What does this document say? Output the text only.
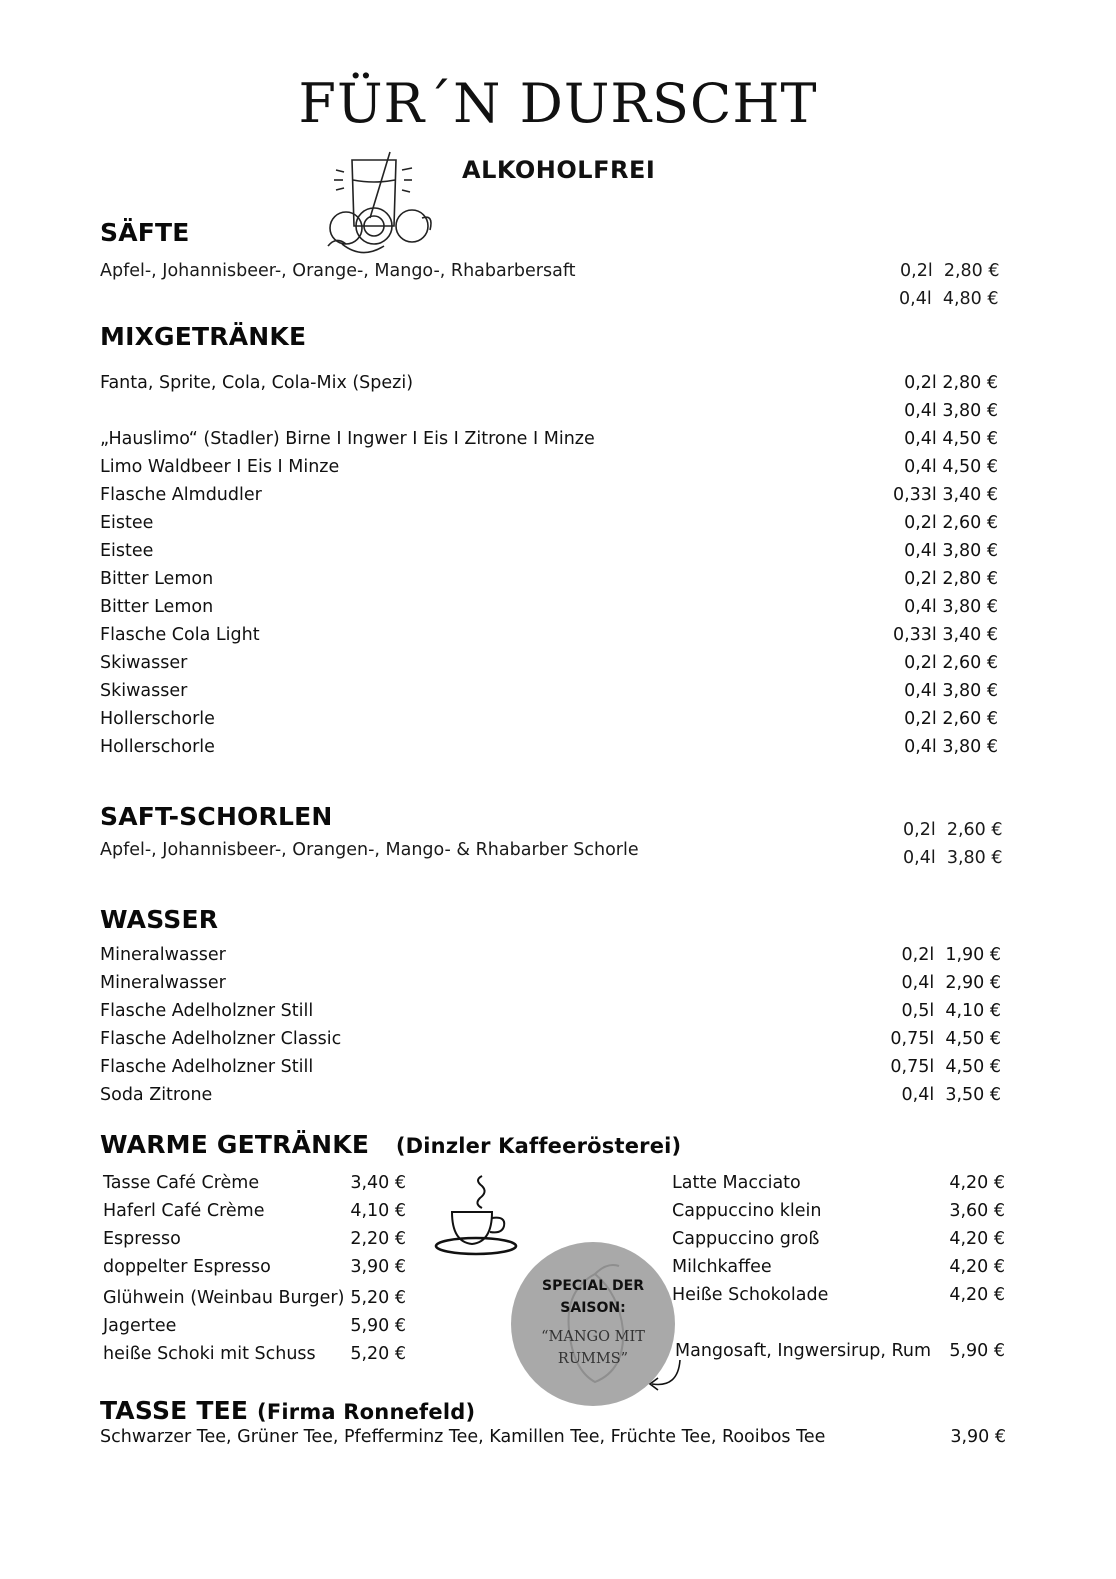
FÜR´N DURSCHT
ALKOHOLFREI
SÄFTE
Apfel-, Johannisbeer-, Orange-, Mango-, Rhabarbersaft	0,2l 2,80 €
0,4l 4,80 €
MIXGETRÄNKE
Fanta, Sprite, Cola, Cola-Mix (Spezi)	0,2l 2,80 €
0,4l 3,80 €
„Hauslimo“ (Stadler) Birne I Ingwer I Eis I Zitrone I Minze	0,4l 4,50 €
Limo Waldbeer I Eis I Minze	0,4l 4,50 €
Flasche Almdudler	0,33l 3,40 €
Eistee	0,2l 2,60 €
Eistee	0,4l 3,80 €
Bitter Lemon	0,2l 2,80 €
Bitter Lemon	0,4l 3,80 €
Flasche Cola Light	0,33l 3,40 €
Skiwasser	0,2l 2,60 €
Skiwasser	0,4l 3,80 €
Hollerschorle	0,2l 2,60 €
Hollerschorle	0,4l 3,80 €
SAFT-SCHORLEN
Apfel-, Johannisbeer-, Orangen-, Mango- & Rhabarber Schorle
0,2l 2,60 €
0,4l 3,80 €
WASSER
Mineralwasser	0,2l  1,90 €
Mineralwasser	0,4l  2,90 €
Flasche Adelholzner Still	0,5l  4,10 €
Flasche Adelholzner Classic	0,75l  4,50 €
Flasche Adelholzner Still	0,75l  4,50 €
Soda Zitrone	0,4l  3,50 €
WARME GETRÄNKE (Dinzler Kaffeerösterei)
Tasse Café Crème	3,40 €
Haferl Café Crème	4,10 €
Espresso	2,20 €
doppelter Espresso	3,90 €
Glühwein (Weinbau Burger) 5,20 €
Jagertee	5,90 €
heiße Schoki mit Schuss 5,20 €
Latte Macciato	4,20 €
Cappuccino klein	3,60 €
Cappuccino groß	4,20 €
Milchkaffee	4,20 €
Heiße Schokolade	4,20 €
SPECIAL DER
SAISON:
“MANGO MIT
RUMMS”	Mangosaft, Ingwersirup, Rum 5,90 €
TASSE TEE (Firma Ronnefeld)
Schwarzer Tee, Grüner Tee, Pfefferminz Tee, Kamillen Tee, Früchte Tee, Rooibos Tee	3,90 €
